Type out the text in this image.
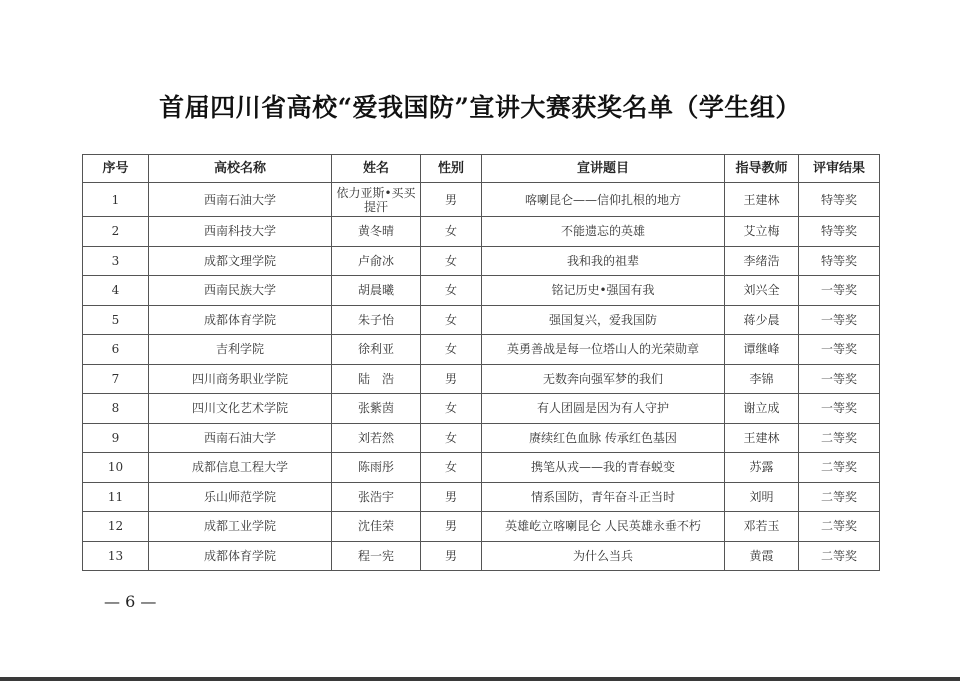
首届四川省高校“爱我国防”宣讲大赛获奖名单（学生组）
序号	高校名称	姓名	性别	宣讲题目	指导教师	评审结果
1	西南石油大学	依力亚斯•买买提汗	男	喀喇昆仑——信仰扎根的地方	王建林	特等奖
2	西南科技大学	黄冬晴	女	不能遗忘的英雄	艾立梅	特等奖
3	成都文理学院	卢俞冰	女	我和我的祖辈	李绪浩	特等奖
4	西南民族大学	胡晨曦	女	铭记历史•强国有我	刘兴全	一等奖
5	成都体育学院	朱子怡	女	强国复兴，爱我国防	蒋少晨	一等奖
6	吉利学院	徐利亚	女	英勇善战是每一位塔山人的光荣勋章	谭继峰	一等奖
7	四川商务职业学院	陆　浩	男	无数奔向强军梦的我们	李锦	一等奖
8	四川文化艺术学院	张紫茵	女	有人团圆是因为有人守护	谢立成	一等奖
9	西南石油大学	刘若然	女	赓续红色血脉 传承红色基因	王建林	二等奖
10	成都信息工程大学	陈雨彤	女	携笔从戎——我的青春蜕变	苏露	二等奖
11	乐山师范学院	张浩宇	男	情系国防，青年奋斗正当时	刘明	二等奖
12	成都工业学院	沈佳荣	男	英雄屹立喀喇昆仑 人民英雄永垂不朽	邓若玉	二等奖
13	成都体育学院	程一宪	男	为什么当兵	黄霞	二等奖
— 6 —
